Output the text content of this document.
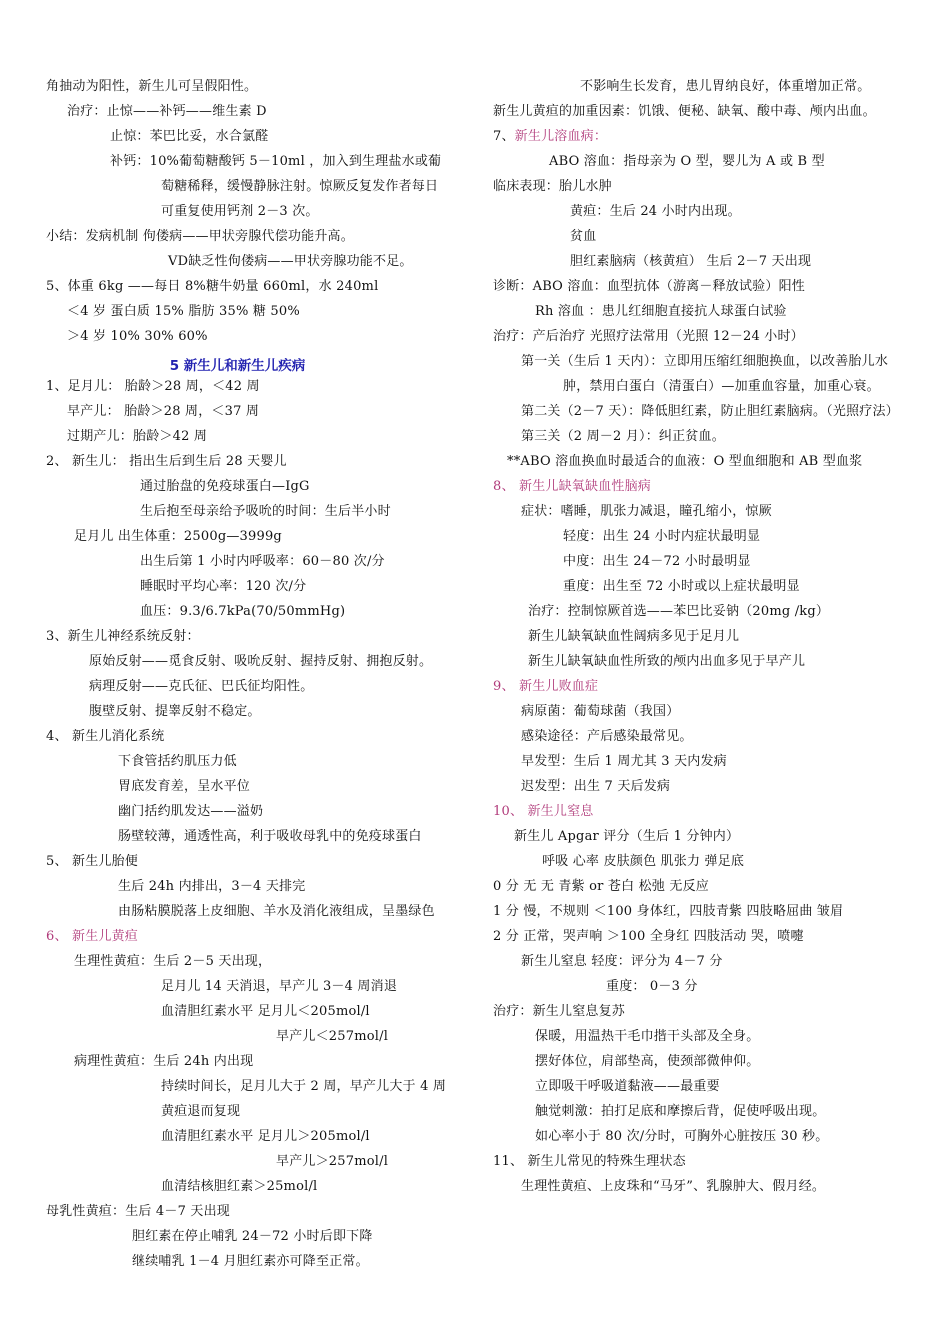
角抽动为阳性，新生儿可呈假阳性。
治疗：止惊——补钙——维生素 D
止惊：苯巴比妥，水合氯醛
补钙：10%葡萄糖酸钙 5－10ml ，加入到生理盐水或葡
萄糖稀释，缓慢静脉注射。惊厥反复发作者每日
可重复使用钙剂 2－3 次。
小结：发病机制 佝偻病——甲状旁腺代偿功能升高。
VD缺乏性佝偻病——甲状旁腺功能不足。
5、体重 6kg ——每日 8%糖牛奶量 660ml，水 240ml
＜4 岁 蛋白质 15% 脂肪 35% 糖 50%
＞4 岁 10% 30% 60%
5 新生儿和新生儿疾病
1、足月儿： 胎龄＞28 周，＜42 周
早产儿： 胎龄＞28 周，＜37 周
过期产儿：胎龄＞42 周
2、 新生儿： 指出生后到生后 28 天婴儿
通过胎盘的免疫球蛋白—IgG
生后抱至母亲给予吸吮的时间：生后半小时
足月儿 出生体重：2500g—3999g
出生后第 1 小时内呼吸率：60－80 次/分
睡眠时平均心率：120 次/分
血压：9.3/6.7kPa(70/50mmHg)
3、新生儿神经系统反射：
原始反射——觅食反射、吸吮反射、握持反射、拥抱反射。
病理反射——克氏征、巴氏征均阳性。
腹壁反射、提睾反射不稳定。
4、 新生儿消化系统
下食管括约肌压力低
胃底发育差，呈水平位
幽门括约肌发达——溢奶
肠壁较薄，通透性高，利于吸收母乳中的免疫球蛋白
5、 新生儿胎便
生后 24h 内排出，3－4 天排完
由肠粘膜脱落上皮细胞、羊水及消化液组成，呈墨绿色
6、 新生儿黄疸
生理性黄疸：生后 2－5 天出现，
足月儿 14 天消退，早产儿 3－4 周消退
血清胆红素水平 足月儿＜205mol/l
早产儿＜257mol/l
病理性黄疸：生后 24h 内出现
持续时间长，足月儿大于 2 周，早产儿大于 4 周
黄疸退而复现
血清胆红素水平 足月儿＞205mol/l
早产儿＞257mol/l
血清结核胆红素＞25mol/l
母乳性黄疸：生后 4－7 天出现
胆红素在停止哺乳 24－72 小时后即下降
继续哺乳 1－4 月胆红素亦可降至正常。
不影响生长发育，患儿胃纳良好，体重增加正常。
新生儿黄疸的加重因素：饥饿、便秘、缺氧、酸中毒、颅内出血。
7、新生儿溶血病：
ABO 溶血：指母亲为 O 型，婴儿为 A 或 B 型
临床表现：胎儿水肿
黄疸：生后 24 小时内出现。
贫血
胆红素脑病（核黄疸） 生后 2－7 天出现
诊断：ABO 溶血：血型抗体（游离－释放试验）阳性
Rh 溶血 ：患儿红细胞直接抗人球蛋白试验
治疗：产后治疗 光照疗法常用（光照 12－24 小时）
第一关（生后 1 天内）：立即用压缩红细胞换血，以改善胎儿水
肿，禁用白蛋白（清蛋白）—加重血容量，加重心衰。
第二关（2－7 天）：降低胆红素，防止胆红素脑病。（光照疗法）
第三关（2 周－2 月）：纠正贫血。
**ABO 溶血换血时最适合的血液：O 型血细胞和 AB 型血浆
8、 新生儿缺氧缺血性脑病
症状：嗜睡，肌张力减退，瞳孔缩小，惊厥
轻度：出生 24 小时内症状最明显
中度：出生 24－72 小时最明显
重度：出生至 72 小时或以上症状最明显
治疗：控制惊厥首选——苯巴比妥钠（20mg /kg）
新生儿缺氧缺血性阔病多见于足月儿
新生儿缺氧缺血性所致的颅内出血多见于早产儿
9、 新生儿败血症
病原菌：葡萄球菌（我国）
感染途径：产后感染最常见。
早发型：生后 1 周尤其 3 天内发病
迟发型：出生 7 天后发病
10、 新生儿窒息
新生儿 Apgar 评分（生后 1 分钟内）
呼吸 心率 皮肤颜色 肌张力 弹足底
0 分 无 无 青紫 or 苍白 松弛 无反应
1 分 慢，不规则 ＜100 身体红，四肢青紫 四肢略屈曲 皱眉
2 分 正常，哭声响 ＞100 全身红 四肢活动 哭，喷嚏
新生儿窒息 轻度：评分为 4－7 分
重度： 0－3 分
治疗：新生儿窒息复苏
保暖，用温热干毛巾揩干头部及全身。
摆好体位，肩部垫高，使颈部微伸仰。
立即吸干呼吸道黏液——最重要
触觉刺激：拍打足底和摩擦后背，促使呼吸出现。
如心率小于 80 次/分时，可胸外心脏按压 30 秒。
11、 新生儿常见的特殊生理状态
生理性黄疸、上皮珠和“马牙”、乳腺肿大、假月经。
